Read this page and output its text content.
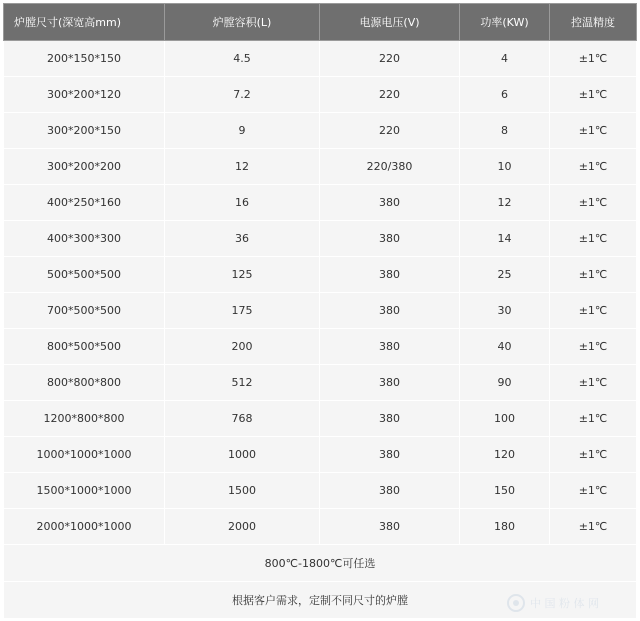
炉膛尺寸(深宽高mm)	炉膛容积(L)	电源电压(V)	功率(KW)	控温精度
200*150*150	4.5	220	4	±1℃
300*200*120	7.2	220	6	±1℃
300*200*150	9	220	8	±1℃
300*200*200	12	220/380	10	±1℃
400*250*160	16	380	12	±1℃
400*300*300	36	380	14	±1℃
500*500*500	125	380	25	±1℃
700*500*500	175	380	30	±1℃
800*500*500	200	380	40	±1℃
800*800*800	512	380	90	±1℃
1200*800*800	768	380	100	±1℃
1000*1000*1000	1000	380	120	±1℃
1500*1000*1000	1500	380	150	±1℃
2000*1000*1000	2000	380	180	±1℃
800℃-1800℃可任选				
根据客户需求，定制不同尺寸的炉膛					中 国 粉 体 网
